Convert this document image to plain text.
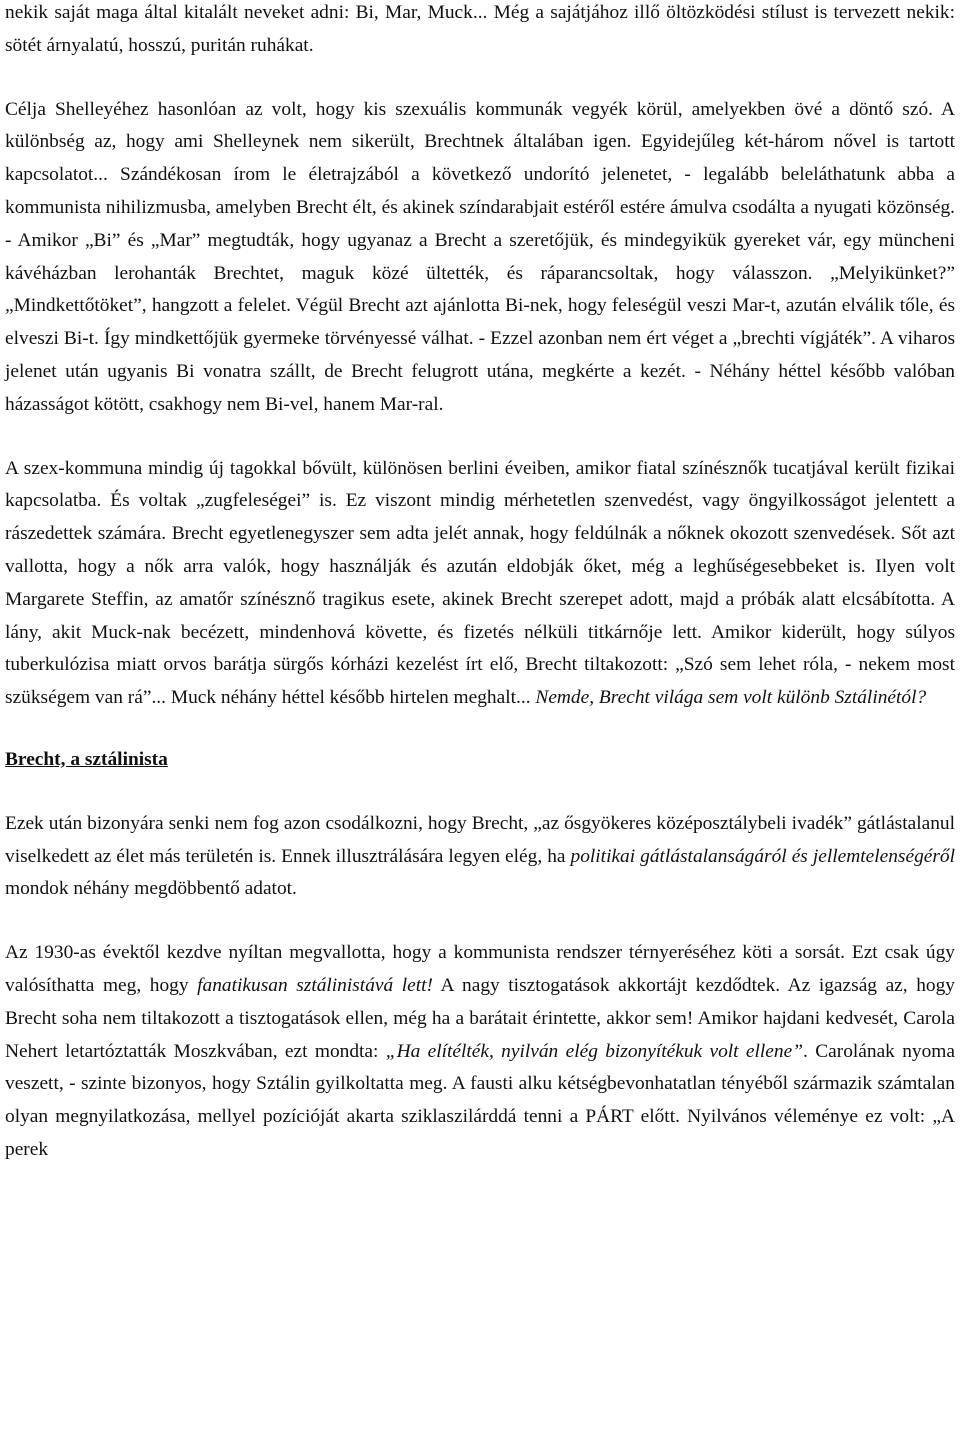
nekik saját maga által kitalált neveket adni: Bi, Mar, Muck... Még a sajátjához illő öltözködési stílust is tervezett nekik: sötét árnyalatú, hosszú, puritán ruhákat.

Célja Shelleyéhez hasonlóan az volt, hogy kis szexuális kommunák vegyék körül, amelyekben övé a döntő szó. A különbség az, hogy ami Shelleynek nem sikerült, Brechtnek általában igen. Egyidejűleg két-három nővel is tartott kapcsolatot... Szándékosan írom le életrajzából a következő undorító jelenetet, - legalább beleláthatunk abba a kommunista nihilizmusba, amelyben Brecht élt, és akinek színdarabjait estéről estére ámulva csodálta a nyugati közönség. - Amikor „Bi” és „Mar” megtudták, hogy ugyanaz a Brecht a szeretőjük, és mindegyikük gyereket vár, egy müncheni kávéházban lerohanták Brechtet, maguk közé ültették, és ráparancsoltak, hogy válasszon. „Melyikünket?” „Mindkettőtöket”, hangzott a felelet. Végül Brecht azt ajánlotta Bi-nek, hogy feleségül veszi Mar-t, azután elválik tőle, és elveszi Bi-t. Így mindkettőjük gyermeke törvényessé válhat. - Ezzel azonban nem ért véget a „brechti vígjáték”. A viharos jelenet után ugyanis Bi vonatra szállt, de Brecht felugrott utána, megkérte a kezét. - Néhány héttel később valóban házasságot kötött, csakhogy nem Bi-vel, hanem Mar-ral.

A szex-kommuna mindig új tagokkal bővült, különösen berlini éveiben, amikor fiatal színésznők tucatjával került fizikai kapcsolatba. És voltak „zugfeleségei” is. Ez viszont mindig mérhetetlen szenvedést, vagy öngyilkosságot jelentett a rászedettek számára. Brecht egyetlenegyszer sem adta jelét annak, hogy feldúlnák a nőknek okozott szenvedések. Sőt azt vallotta, hogy a nők arra valók, hogy használják és azután eldobják őket, még a leghűségesebbeket is. Ilyen volt Margarete Steffin, az amatőr színésznő tragikus esete, akinek Brecht szerepet adott, majd a próbák alatt elcsábította. A lány, akit Muck-nak becézett, mindenhová követte, és fizetés nélküli titkárnője lett. Amikor kiderült, hogy súlyos tuberkulózisa miatt orvos barátja sürgős kórházi kezelést írt elő, Brecht tiltakozott: „Szó sem lehet róla, - nekem most szükségem van rá”... Muck néhány héttel később hirtelen meghalt... Nemde, Brecht világa sem volt különb Sztálinétól?

Brecht, a sztálinista

Ezek után bizonyára senki nem fog azon csodálkozni, hogy Brecht, „az ősgyökeres középosztálybeli ivadék” gátlástalanul viselkedett az élet más területén is. Ennek illusztrálására legyen elég, ha politikai gátlástalanságáról és jellemtelenségéről mondok néhány megdöbbentő adatot.

Az 1930-as évektől kezdve nyíltan megvallotta, hogy a kommunista rendszer térnyeréséhez köti a sorsát. Ezt csak úgy valósíthatta meg, hogy fanatikusan sztálinistává lett! A nagy tisztogatások akkortájt kezdődtek. Az igazság az, hogy Brecht soha nem tiltakozott a tisztogatások ellen, még ha a barátait érintette, akkor sem! Amikor hajdani kedvesét, Carola Nehert letartóztatták Moszkvában, ezt mondta: „Ha elítélték, nyilván elég bizonyítékuk volt ellene”. Carolának nyoma veszett, - szinte bizonyos, hogy Sztálin gyilkoltatta meg. A fausti alku kétségbevonhatatlan tényéből származik számtalan olyan megnyilatkozása, mellyel pozícióját akarta sziklaszilárddá tenni a PÁRT előtt. Nyilvános véleménye ez volt: „A perek
